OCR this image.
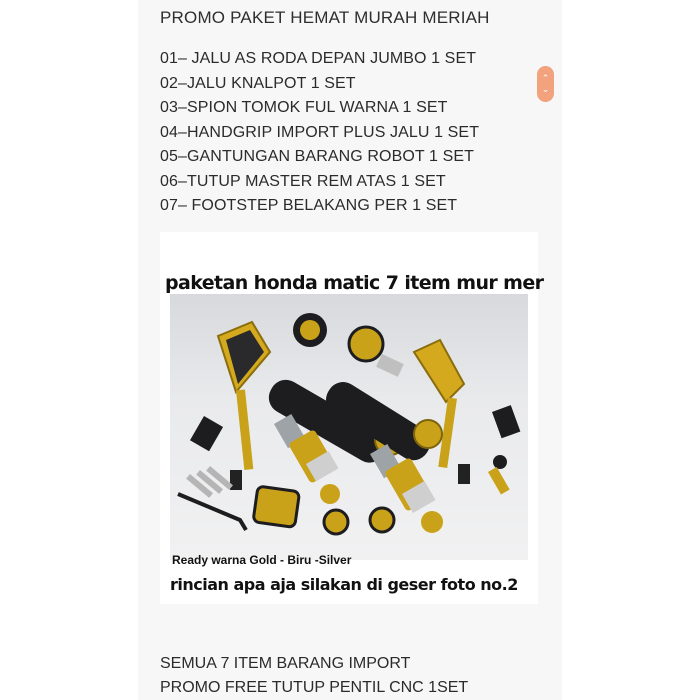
PROMO PAKET HEMAT MURAH MERIAH
01– JALU AS RODA DEPAN JUMBO 1 SET
02–JALU KNALPOT 1 SET
03–SPION TOMOK FUL WARNA 1 SET
04–HANDGRIP IMPORT PLUS JALU 1 SET
05–GANTUNGAN BARANG ROBOT 1 SET
06–TUTUP MASTER REM ATAS 1 SET
07– FOOTSTEP BELAKANG PER 1 SET
⌃
⌄
paketan honda matic 7 item mur mer
Ready warna Gold - Biru -Silver
rincian apa aja silakan di geser foto no.2
SEMUA 7 ITEM BARANG IMPORT
PROMO FREE TUTUP PENTIL CNC 1SET
